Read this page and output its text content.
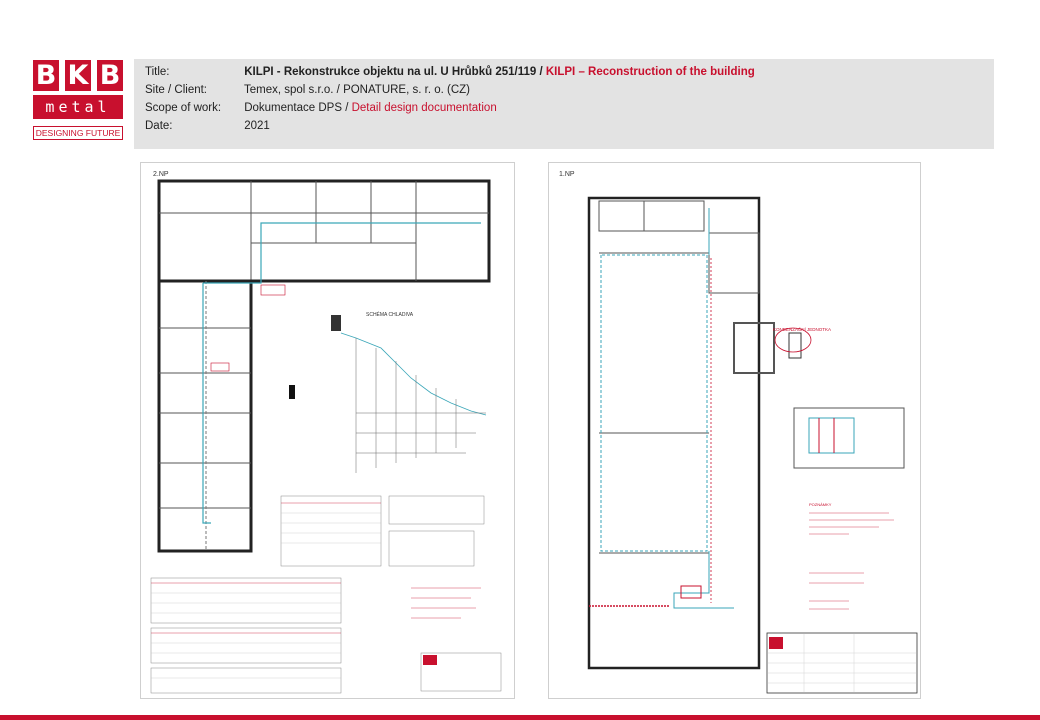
B K B
metal
DESIGNING FUTURE
Title:	KILPI - Rekonstrukce objektu na ul. U Hrůbků 251/119 / KILPI – Reconstruction of the building
Site / Client:	Temex, spol s.r.o. / PONATURE, s. r. o. (CZ)
Scope of work: Dokumentace DPS / Detail design documentation
Date:	2021
2.NP
SCHÉMA CHLADIVA
1.NP
KONDENZAČNÍ JEDNOTKA
POZNÁMKY
